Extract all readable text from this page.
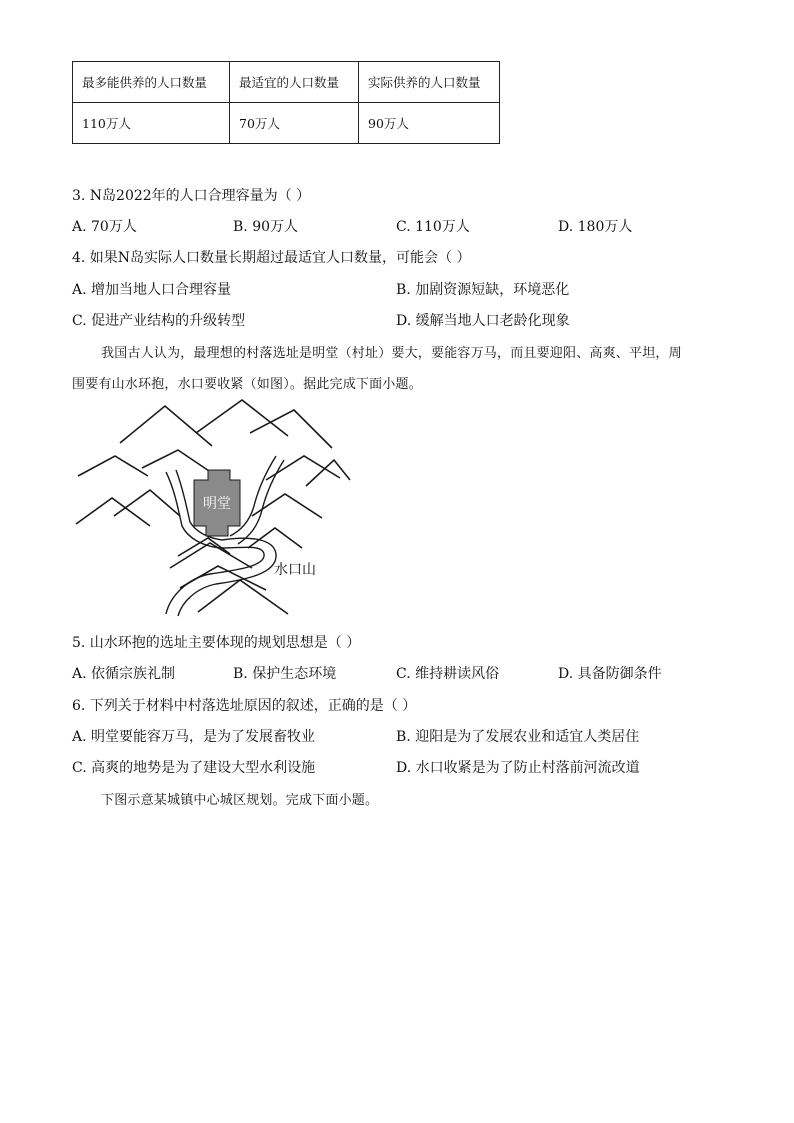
最多能供养的人口数量	最适宜的人口数量	实际供养的人口数量
110万人	70万人	90万人
3. N岛2022年的人口合理容量为（ ）
A. 70万人	B. 90万人	C. 110万人	D. 180万人
4. 如果N岛实际人口数量长期超过最适宜人口数量，可能会（ ）
A. 增加当地人口合理容量	B. 加剧资源短缺，环境恶化
C. 促进产业结构的升级转型	D. 缓解当地人口老龄化现象
我国古人认为，最理想的村落选址是明堂（村址）要大，要能容万马，而且要迎阳、高爽、平坦，周
围要有山水环抱，水口要收紧（如图）。据此完成下面小题。
明堂
水口山
5. 山水环抱的选址主要体现的规划思想是（ ）
A. 依循宗族礼制	B. 保护生态环境	C. 维持耕读风俗	D. 具备防御条件
6. 下列关于材料中村落选址原因的叙述，正确的是（ ）
A. 明堂要能容万马，是为了发展畜牧业	B. 迎阳是为了发展农业和适宜人类居住
C. 高爽的地势是为了建设大型水利设施	D. 水口收紧是为了防止村落前河流改道
下图示意某城镇中心城区规划。完成下面小题。
